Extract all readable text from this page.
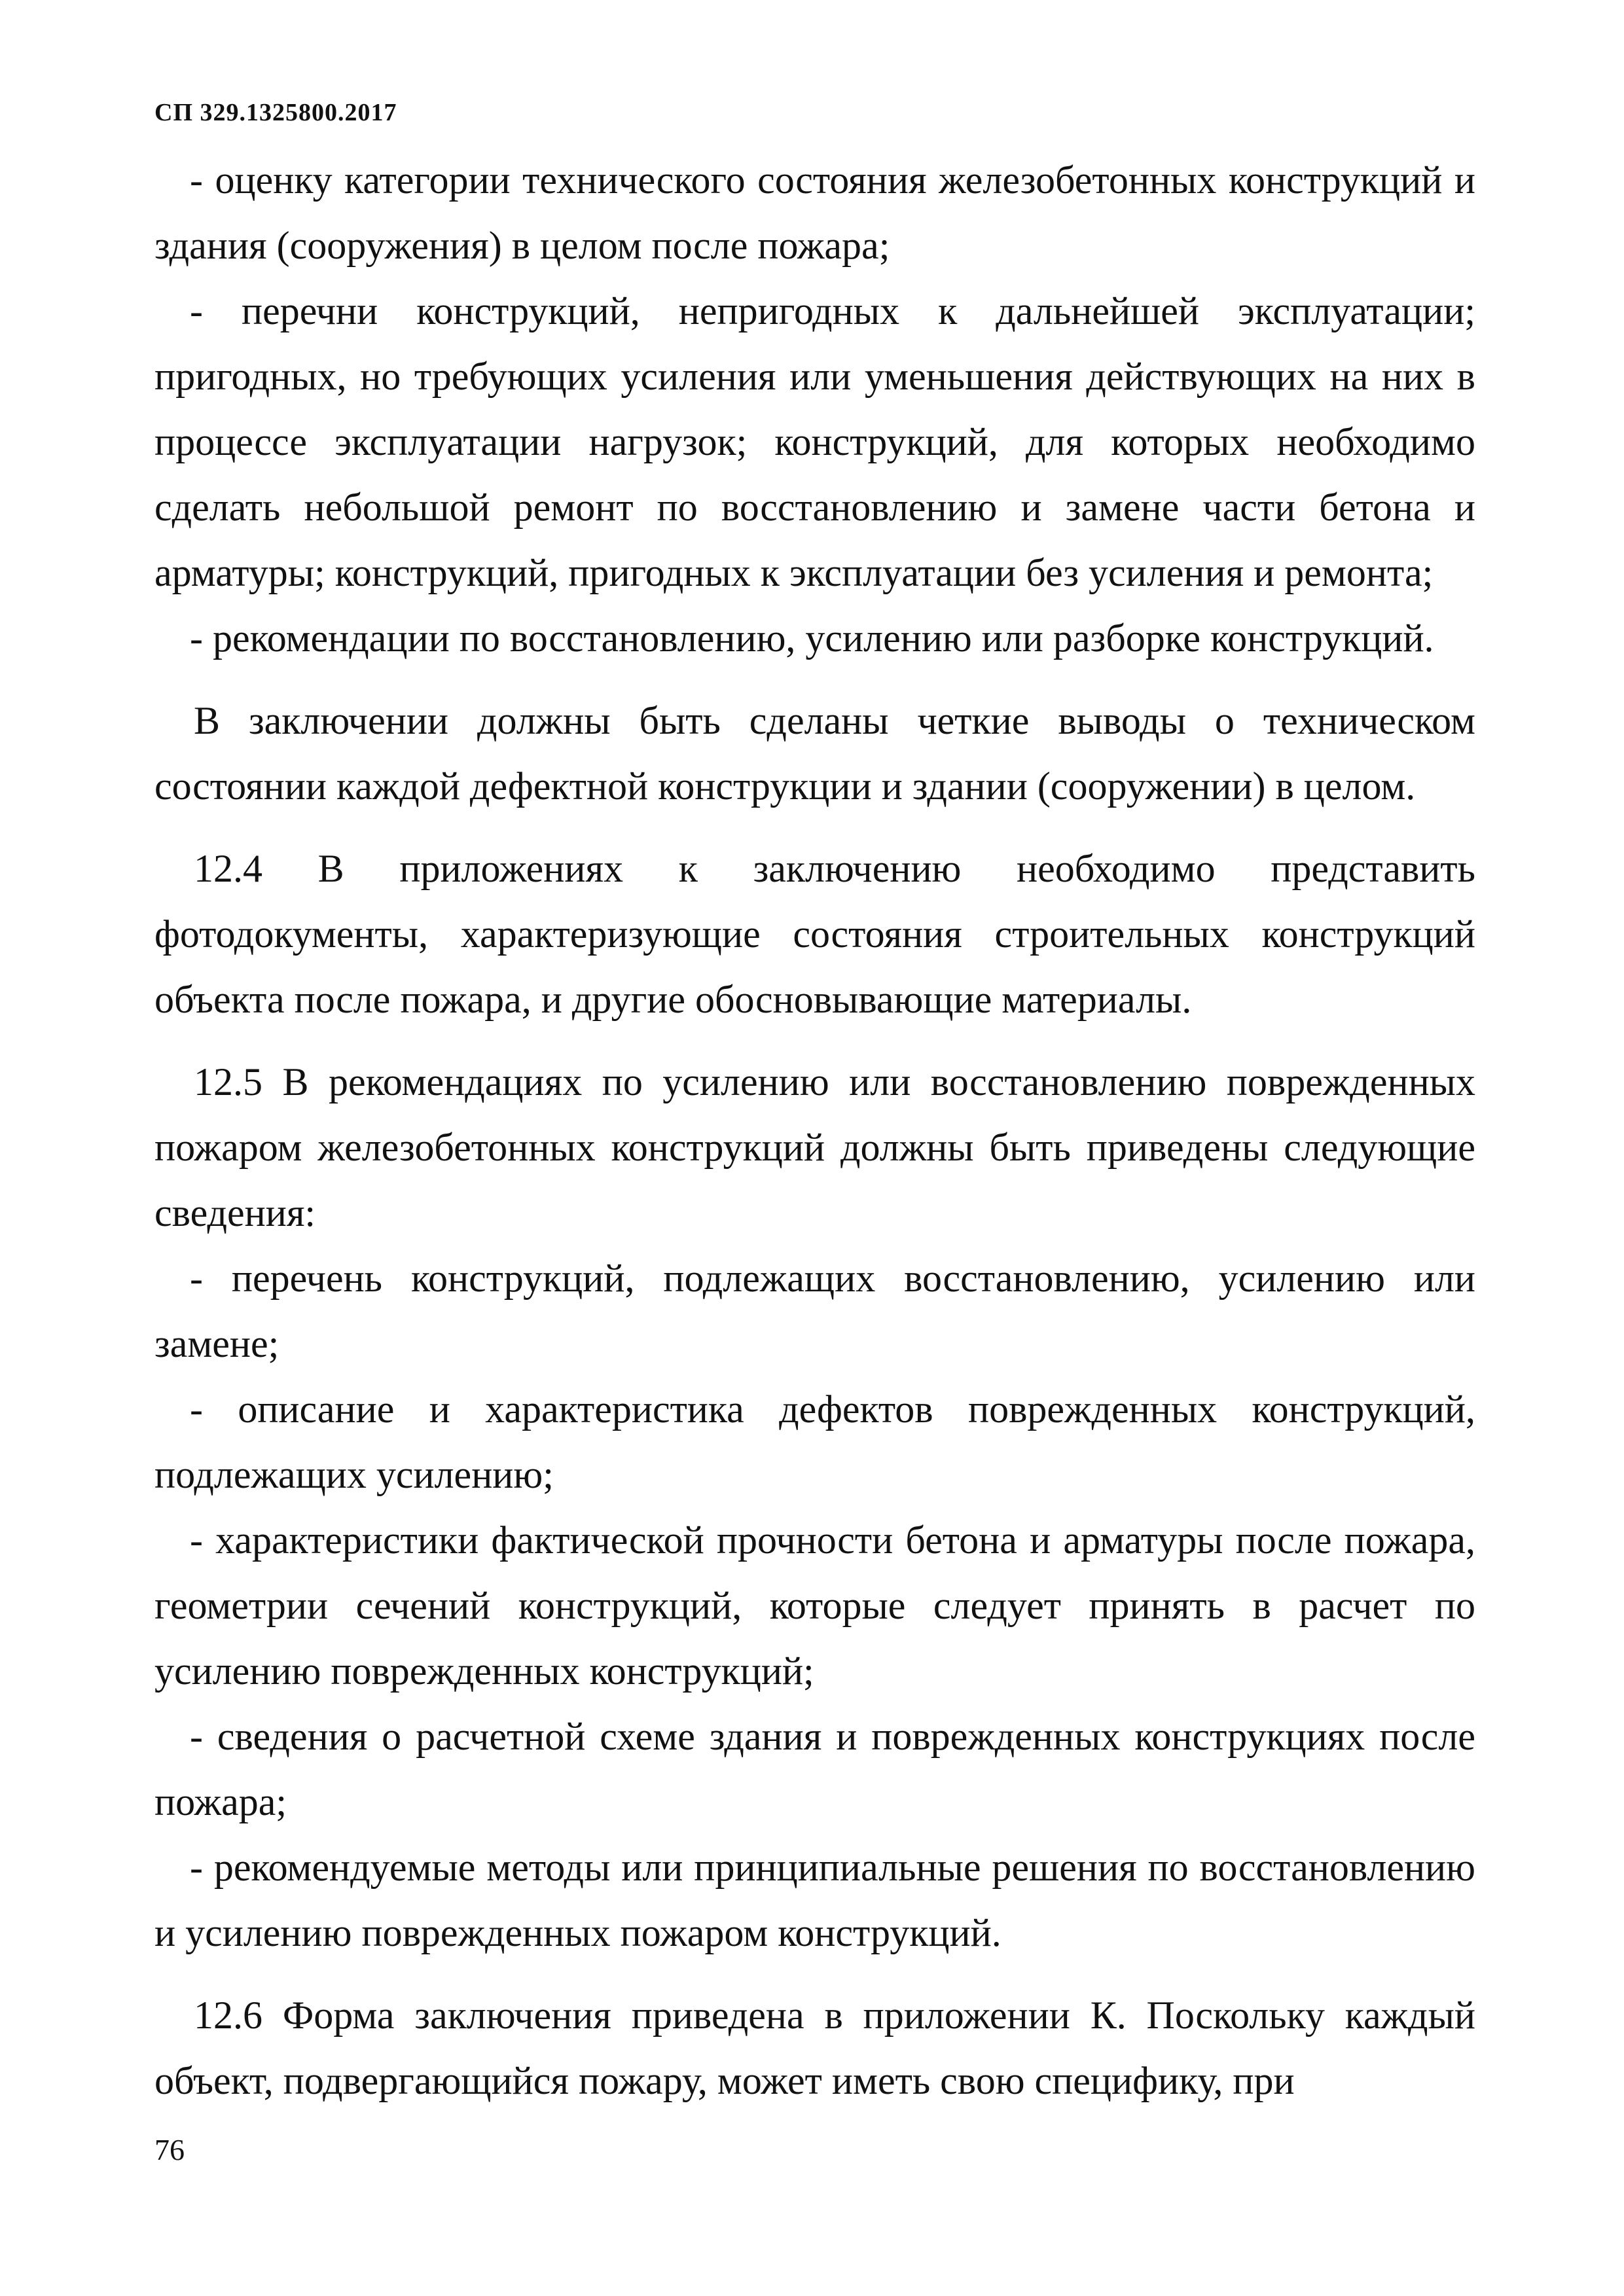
СП 329.1325800.2017

- оценку категории технического состояния железобетонных конструкций и здания (сооружения) в целом после пожара;

- перечни конструкций, непригодных к дальнейшей эксплуатации; пригодных, но требующих усиления или уменьшения действующих на них в процессе эксплуатации нагрузок; конструкций, для которых необходимо сделать небольшой ремонт по восстановлению и замене части бетона и арматуры; конструкций, пригодных к эксплуатации без усиления и ремонта;

- рекомендации по восстановлению, усилению или разборке конструкций.

В заключении должны быть сделаны четкие выводы о техническом состоянии каждой дефектной конструкции и здании (сооружении) в целом.

12.4 В приложениях к заключению необходимо представить фотодокументы, характеризующие состояния строительных конструкций объекта после пожара, и другие обосновывающие материалы.

12.5 В рекомендациях по усилению или восстановлению поврежденных пожаром железобетонных конструкций должны быть приведены следующие сведения:

- перечень конструкций, подлежащих восстановлению, усилению или замене;

- описание и характеристика дефектов поврежденных конструкций, подлежащих усилению;

- характеристики фактической прочности бетона и арматуры после пожара, геометрии сечений конструкций, которые следует принять в расчет по усилению поврежденных конструкций;

- сведения о расчетной схеме здания и поврежденных конструкциях после пожара;

- рекомендуемые методы или принципиальные решения по восстановлению и усилению поврежденных пожаром конструкций.

12.6 Форма заключения приведена в приложении К. Поскольку каждый объект, подвергающийся пожару, может иметь свою специфику, при

76
